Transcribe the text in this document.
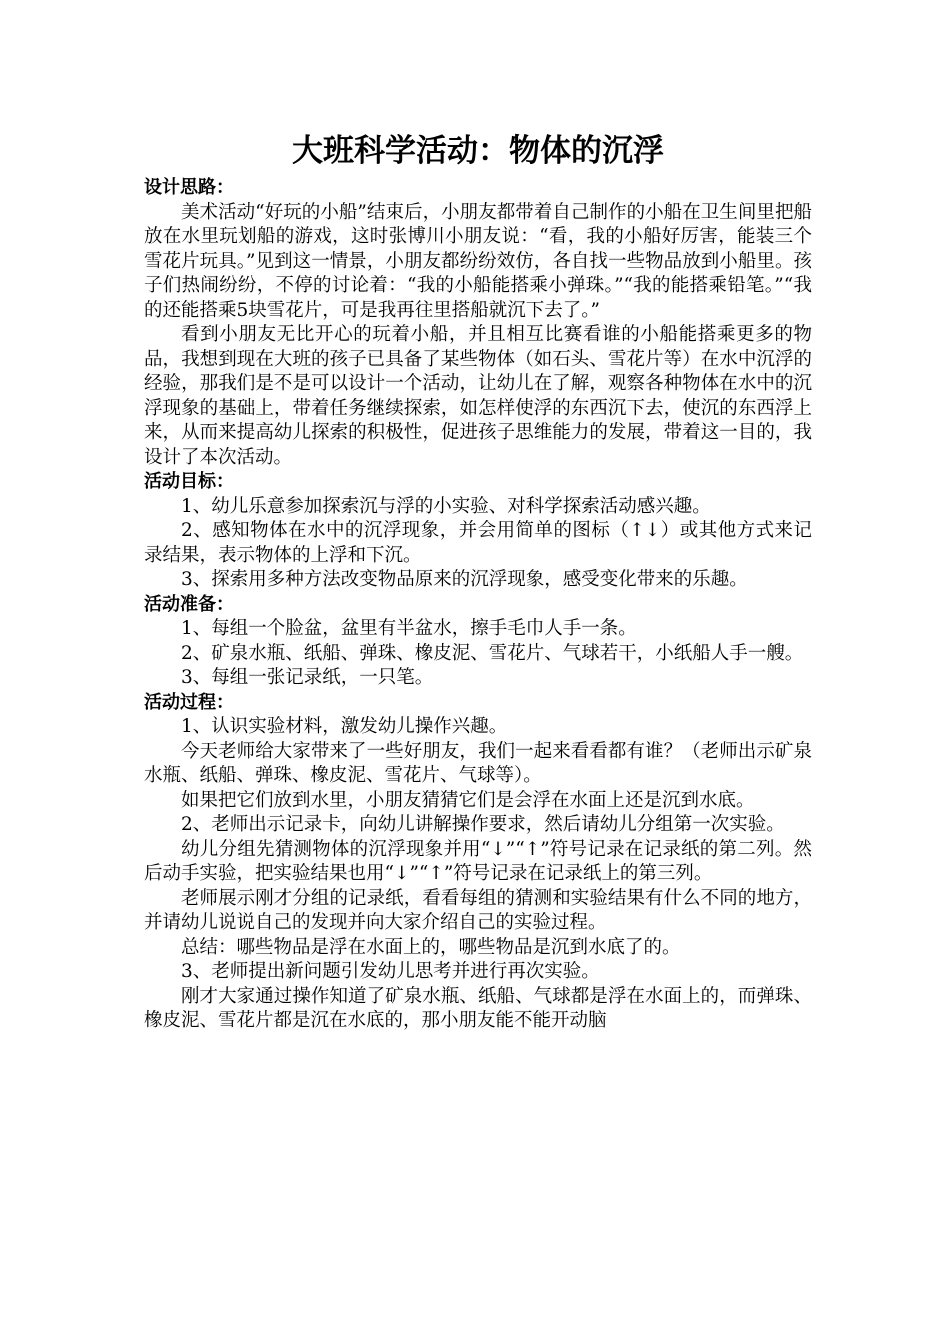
大班科学活动：物体的沉浮

设计思路：

美术活动“好玩的小船”结束后，小朋友都带着自己制作的小船在卫生间里把船放在水里玩划船的游戏，这时张博川小朋友说：“看，我的小船好厉害，能装三个雪花片玩具。”见到这一情景，小朋友都纷纷效仿，各自找一些物品放到小船里。孩子们热闹纷纷，不停的讨论着：“我的小船能搭乘小弹珠。”“我的能搭乘铅笔。”“我的还能搭乘5块雪花片，可是我再往里搭船就沉下去了。”

看到小朋友无比开心的玩着小船，并且相互比赛看谁的小船能搭乘更多的物品，我想到现在大班的孩子已具备了某些物体（如石头、雪花片等）在水中沉浮的经验，那我们是不是可以设计一个活动，让幼儿在了解，观察各种物体在水中的沉浮现象的基础上，带着任务继续探索，如怎样使浮的东西沉下去，使沉的东西浮上来，从而来提高幼儿探索的积极性，促进孩子思维能力的发展，带着这一目的，我设计了本次活动。

活动目标：

1、幼儿乐意参加探索沉与浮的小实验、对科学探索活动感兴趣。

2、感知物体在水中的沉浮现象，并会用简单的图标（↑↓）或其他方式来记录结果，表示物体的上浮和下沉。

3、探索用多种方法改变物品原来的沉浮现象，感受变化带来的乐趣。

活动准备：

1、每组一个脸盆，盆里有半盆水，擦手毛巾人手一条。

2、矿泉水瓶、纸船、弹珠、橡皮泥、雪花片、气球若干，小纸船人手一艘。

3、每组一张记录纸，一只笔。

活动过程：

1、认识实验材料，激发幼儿操作兴趣。

今天老师给大家带来了一些好朋友，我们一起来看看都有谁？（老师出示矿泉水瓶、纸船、弹珠、橡皮泥、雪花片、气球等）。

如果把它们放到水里，小朋友猜猜它们是会浮在水面上还是沉到水底。

2、老师出示记录卡，向幼儿讲解操作要求，然后请幼儿分组第一次实验。

幼儿分组先猜测物体的沉浮现象并用“↓”“↑”符号记录在记录纸的第二列。然后动手实验，把实验结果也用“↓”“↑”符号记录在记录纸上的第三列。

老师展示刚才分组的记录纸，看看每组的猜测和实验结果有什么不同的地方，并请幼儿说说自己的发现并向大家介绍自己的实验过程。

总结：哪些物品是浮在水面上的，哪些物品是沉到水底了的。

3、老师提出新问题引发幼儿思考并进行再次实验。

刚才大家通过操作知道了矿泉水瓶、纸船、气球都是浮在水面上的，而弹珠、橡皮泥、雪花片都是沉在水底的，那小朋友能不能开动脑
